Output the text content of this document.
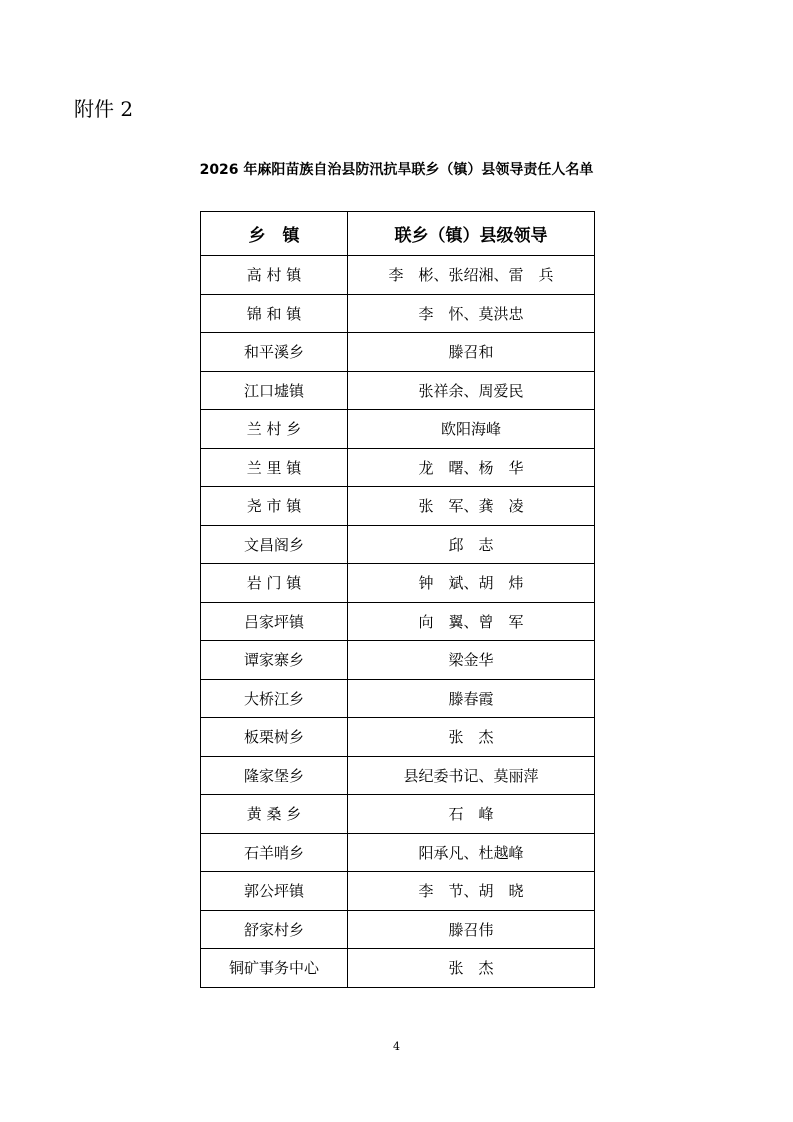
附件 2
2026 年麻阳苗族自治县防汛抗旱联乡（镇）县领导责任人名单
乡　镇	联乡（镇）县级领导
高 村 镇	李　彬、张绍湘、雷　兵
锦 和 镇	李　怀、莫洪忠
和平溪乡	滕召和
江口墟镇	张祥余、周爱民
兰 村 乡	欧阳海峰
兰 里 镇	龙　曙、杨　华
尧 市 镇	张　军、龚　凌
文昌阁乡	邱　志
岩 门 镇	钟　斌、胡　炜
吕家坪镇	向　翼、曾　军
谭家寨乡	梁金华
大桥江乡	滕春霞
板栗树乡	张　杰
隆家堡乡	县纪委书记、莫丽萍
黄 桑 乡	石　峰
石羊哨乡	阳承凡、杜越峰
郭公坪镇	李　节、胡　晓
舒家村乡	滕召伟
铜矿事务中心	张　杰
4
